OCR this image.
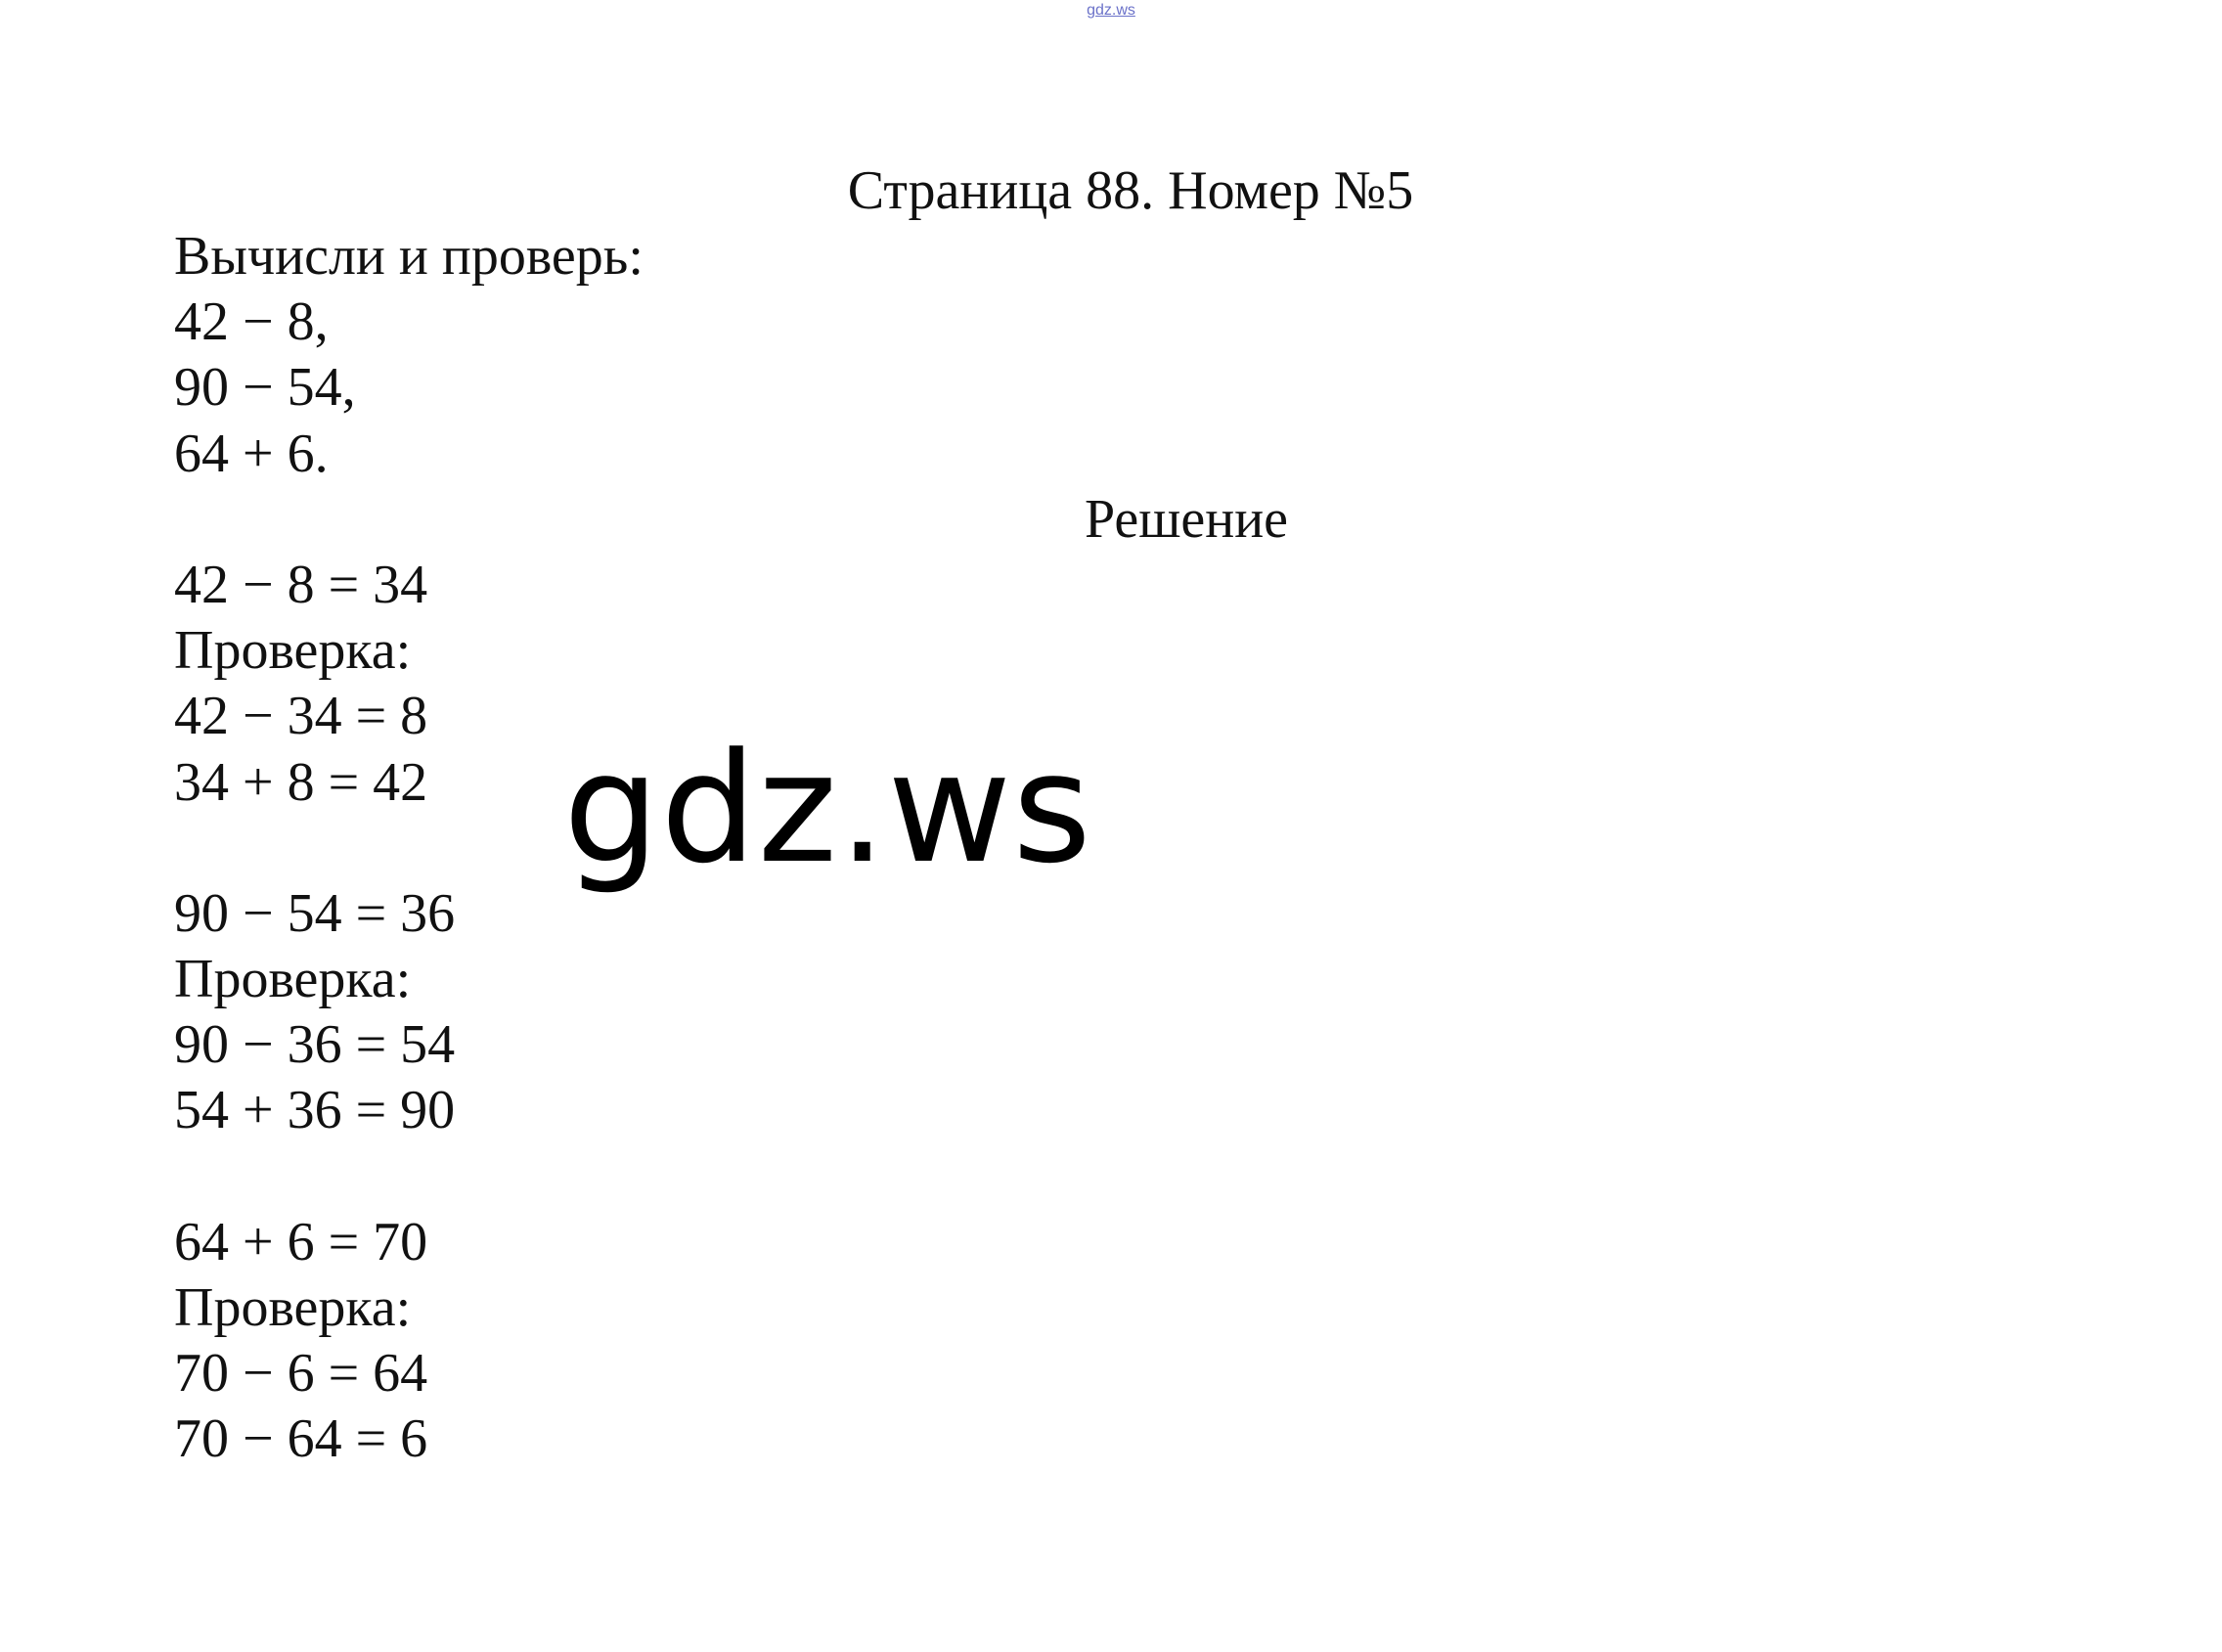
gdz.ws
Страница 88. Номер №5
Вычисли и проверь:
42 − 8,
90 − 54,
64 + 6.
Решение
42 − 8 = 34
Проверка:
42 − 34 = 8
34 + 8 = 42
90 − 54 = 36
Проверка:
90 − 36 = 54
54 + 36 = 90
64 + 6 = 70
Проверка:
70 − 6 = 64
70 − 64 = 6
gdz.ws
